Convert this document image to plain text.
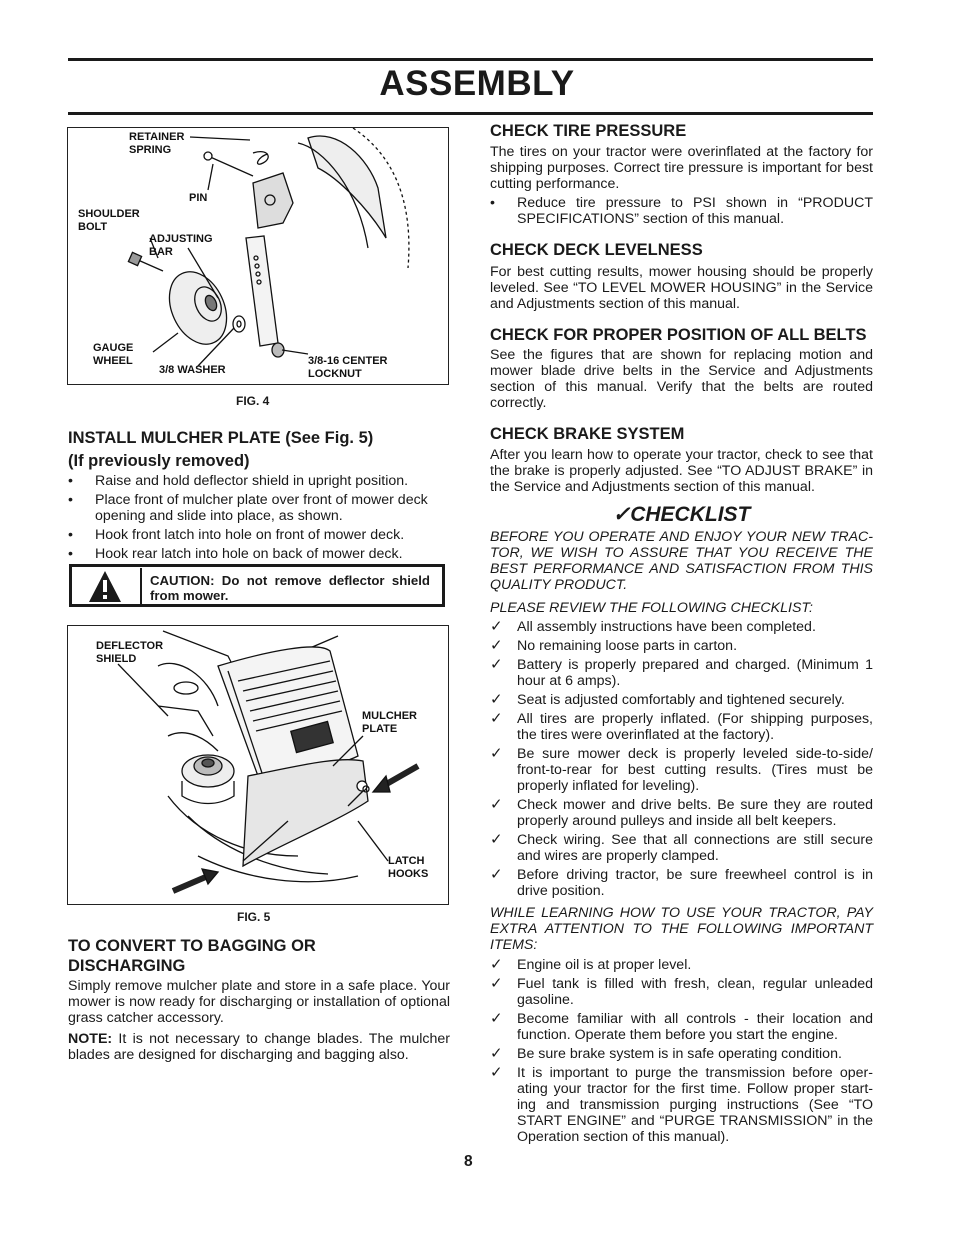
ASSEMBLY
RETAINER
SPRING
PIN
SHOULDER
BOLT
ADJUSTING
BAR
GAUGE
WHEEL
3/8 WASHER
3/8-16 CENTER
LOCKNUT
FIG. 4

INSTALL MULCHER PLATE (See Fig. 5)

(If previously removed)

• Raise and hold deflector shield in upright position.

• Place front of mulcher plate over front of mower deck opening and slide into place, as shown.

• Hook front latch into hole on front of mower deck.

• Hook rear latch into hole on back of mower deck.

CAUTION: Do not remove deflector shield from mower.
DEFLECTOR
SHIELD
MULCHER
PLATE
LATCH
HOOKS
FIG. 5

TO CONVERT TO BAGGING OR DISCHARGING

Simply remove mulcher plate and store in a safe place. Your mower is now ready for discharging or installation of optional grass catcher accessory.

NOTE: It is not necessary to change blades. The mulcher blades are designed for discharging and bagging also.

CHECK TIRE PRESSURE

The tires on your tractor were overinflated at the factory for shipping purposes. Correct tire pressure is important for best cutting performance.

• Reduce tire pressure to PSI shown in “PRODUCT SPECIFICATIONS” section of this manual.

CHECK DECK LEVELNESS

For best cutting results, mower housing should be properly leveled. See “TO LEVEL MOWER HOUSING” in the Service and Adjustments section of this manual.

CHECK FOR PROPER POSITION OF ALL BELTS

See the figures that are shown for replacing motion and mower blade drive belts in the Service and Adjustments section of this manual. Verify that the belts are routed correctly.

CHECK BRAKE SYSTEM

After you learn how to operate your tractor, check to see that the brake is properly adjusted. See “TO ADJUST BRAKE” in the Service and Adjustments section of this manual.

✓CHECKLIST

BEFORE YOU OPERATE AND ENJOY YOUR NEW TRAC- TOR, WE WISH TO ASSURE THAT YOU RECEIVE THE BEST PERFORMANCE AND SATISFACTION FROM THIS QUALITY PRODUCT.

PLEASE REVIEW THE FOLLOWING CHECKLIST:

✓ All assembly instructions have been completed.

✓ No remaining loose parts in carton.

✓ Battery is properly prepared and charged. (Minimum 1 hour at 6 amps).

✓ Seat is adjusted comfortably and tightened securely.

✓ All tires are properly inflated. (For shipping purposes, the tires were overinflated at the factory).

✓ Be sure mower deck is properly leveled side-to-side/ front-to-rear for best cutting results. (Tires must be properly inflated for leveling).

✓ Check mower and drive belts. Be sure they are routed properly around pulleys and inside all belt keepers.

✓ Check wiring. See that all connections are still secure and wires are properly clamped.

✓ Before driving tractor, be sure freewheel control is in drive position.

WHILE LEARNING HOW TO USE YOUR TRACTOR, PAY EXTRA ATTENTION TO THE FOLLOWING IMPORTANT ITEMS:

✓ Engine oil is at proper level.

✓ Fuel tank is filled with fresh, clean, regular unleaded gasoline.

✓ Become familiar with all controls - their location and function. Operate them before you start the engine.

✓ Be sure brake system is in safe operating condition.

✓ It is important to purge the transmission before oper- ating your tractor for the first time. Follow proper start- ing and transmission purging instructions (See “TO START ENGINE” and “PURGE TRANSMISSION” in the Operation section of this manual).

8
